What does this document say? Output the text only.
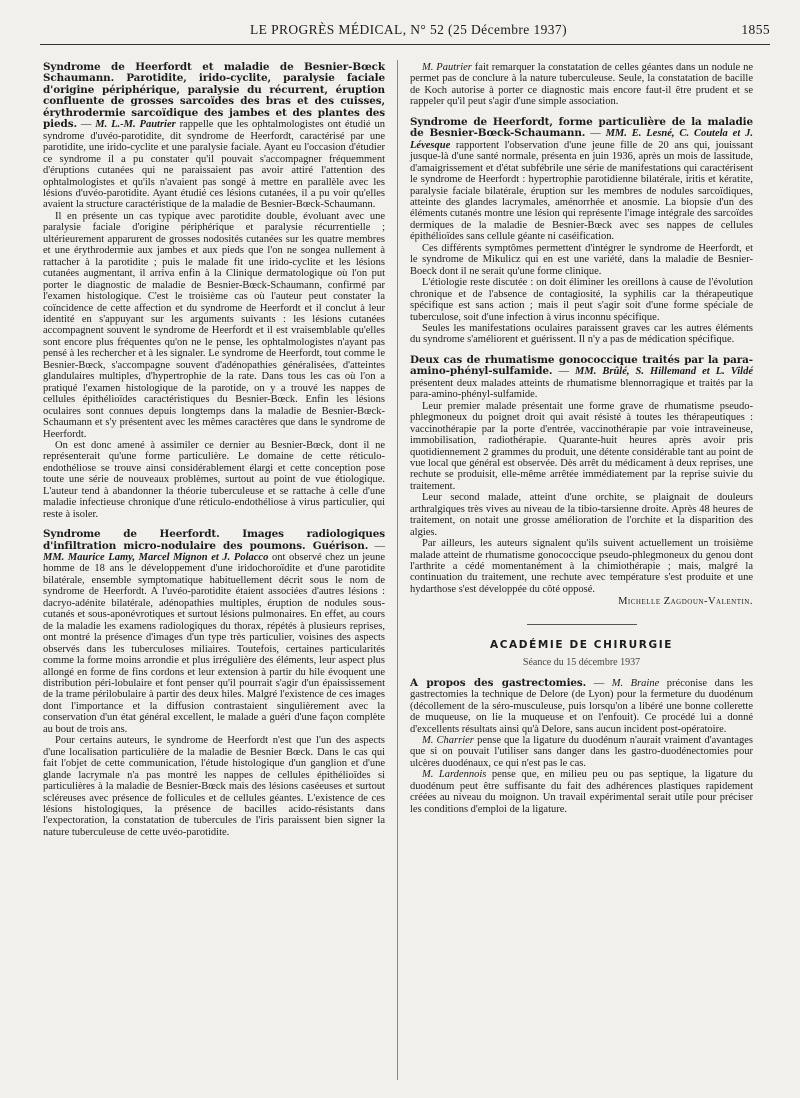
LE PROGRÈS MÉDICAL, N° 52 (25 Décembre 1937)	1855

Syndrome de Heerfordt et maladie de Besnier-Bœck Schaumann. Parotidite, irido-cyclite, paralysie faciale d'origine périphérique, paralysie du récurrent, éruption confluente de grosses sarcoïdes des bras et des cuisses, érythrodermie sarcoïdique des jambes et des plantes des pieds. — M. L.-M. Pautrier rappelle que les ophtalmologistes ont étudié un syndrome d'uvéo-parotidite, dit syndrome de Heerfordt, caractérisé par une parotidite, une irido-cyclite et une paralysie faciale. Ayant eu l'occasion d'étudier ce syndrome il a pu constater qu'il pouvait s'accompagner fréquemment d'éruptions cutanées qui ne paraissaient pas avoir attiré l'attention des ophtalmologistes et qu'ils n'avaient pas songé à mettre en parallèle avec les lésions d'uvéo-parotidite. Ayant étudié ces lésions cutanées, il a pu voir qu'elles avaient la structure caractéristique de la maladie de Besnier-Bœck-Schaumann.

Il en présente un cas typique avec parotidite double, évoluant avec une paralysie faciale d'origine périphérique et paralysie récurrentielle ; ultérieurement apparurent de grosses nodosités cutanées sur les quatre membres et une érythrodermie aux jambes et aux pieds que l'on ne songea nullement à rattacher à la parotidite ; puis le malade fit une irido-cyclite et les lésions cutanées augmentant, il arriva enfin à la Clinique dermatologique où l'on put porter le diagnostic de maladie de Besnier-Bœck-Schaumann, confirmé par l'examen histologique. C'est le troisième cas où l'auteur peut constater la coïncidence de cette affection et du syndrome de Heerfordt et il conclut à leur identité en s'appuyant sur les arguments suivants : les lésions cutanées accompagnent souvent le syndrome de Heerfordt et il est vraisemblable qu'elles sont encore plus fréquentes qu'on ne le pense, les ophtalmologistes n'ayant pas pensé à les rechercher et à les signaler. Le syndrome de Heerfordt, tout comme le Besnier-Bœck, s'accompagne souvent d'adénopathies généralisées, d'atteintes glandulaires multiples, d'hypertrophie de la rate. Dans tous les cas où l'on a pratiqué l'examen histologique de la parotide, on y a trouvé les nappes de cellules épithélioïdes caractéristiques du Besnier-Bœck. Enfin les lésions oculaires sont connues depuis longtemps dans la maladie de Besnier-Bœck-Schaumann et s'y présentent avec les mêmes caractères que dans le syndrome de Heerfordt.

On est donc amené à assimiler ce dernier au Besnier-Bœck, dont il ne représenterait qu'une forme particulière. Le domaine de cette réticulo-endothéliose se trouve ainsi considérablement élargi et cette conception pose toute une série de nouveaux problèmes, surtout au point de vue étiologique. L'auteur tend à abandonner la théorie tuberculeuse et se rattache à celle d'une maladie infectieuse chronique d'une réticulo-endothéliose à virus particulier, qui reste à isoler.

Syndrome de Heerfordt. Images radiologiques d'infiltration micro-nodulaire des poumons. Guérison. — MM. Maurice Lamy, Marcel Mignon et J. Polacco ont observé chez un jeune homme de 18 ans le développement d'une iridochoroïdite et d'une parotidite bilatérale, ensemble symptomatique habituellement décrit sous le nom de syndrome de Heerfordt. A l'uvéo-parotidite étaient associées d'autres lésions : dacryo-adénite bilatérale, adénopathies multiples, éruption de nodules sous-cutanés et sous-aponévrotiques et surtout lésions pulmonaires. En effet, au cours de la maladie les examens radiologiques du thorax, répétés à plusieurs reprises, ont montré la présence d'images d'un type très particulier, voisines des aspects observés dans les tuberculoses miliaires. Toutefois, certaines particularités comme la forme moins arrondie et plus irrégulière des éléments, leur aspect plus allongé en forme de fins cordons et leur extension à partir du hile évoquent une distribution péri-lobulaire et font penser qu'il pourrait s'agir d'un épaississement de la trame périlobulaire à partir des deux hiles. Malgré l'existence de ces images dont l'importance et la diffusion contrastaient singulièrement avec la conservation d'un état général excellent, le malade a guéri d'une façon complète au bout de trois ans.

Pour certains auteurs, le syndrome de Heerfordt n'est que l'un des aspects d'une localisation particulière de la maladie de Besnier Bœck. Dans le cas qui fait l'objet de cette communication, l'étude histologique d'un ganglion et d'une glande lacrymale n'a pas montré les nappes de cellules épithélioïdes si particulières à la maladie de Besnier-Bœck mais des lésions caséeuses et surtout scléreuses avec présence de follicules et de cellules géantes. L'existence de ces lésions histologiques, la présence de bacilles acido-résistants dans l'expectoration, la constatation de tubercules de l'iris paraissent bien signer la nature tuberculeuse de cette uvéo-parotidite.

M. Pautrier fait remarquer la constatation de celles géantes dans un nodule ne permet pas de conclure à la nature tuberculeuse. Seule, la constatation de bacille de Koch autorise à porter ce diagnostic mais encore faut-il être prudent et se rappeler qu'il peut s'agir d'une simple association.

Syndrome de Heerfordt, forme particulière de la maladie de Besnier-Bœck-Schaumann. — MM. E. Lesné, C. Coutela et J. Lévesque rapportent l'observation d'une jeune fille de 20 ans qui, jouissant jusque-là d'une santé normale, présenta en juin 1936, après un mois de lassitude, d'amaigrissement et d'état subfébrile une série de manifestations qui caractérisent le syndrome de Heerfordt : hypertrophie parotidienne bilatérale, iritis et kératite, paralysie faciale bilatérale, éruption sur les membres de nodules sarcoïdiques, atteinte des glandes lacrymales, aménorrhée et anosmie. La biopsie d'un des éléments cutanés montre une lésion qui représente l'image intégrale des sarcoïdes dermiques de la maladie de Besnier-Bœck avec ses nappes de cellules épithélioïdes sans cellule géante ni caséification.

Ces différents symptômes permettent d'intégrer le syndrome de Heerfordt, et le syndrome de Mikulicz qui en est une variété, dans la maladie de Besnier-Boeck dont il ne serait qu'une forme clinique.

L'étiologie reste discutée : on doit éliminer les oreillons à cause de l'évolution chronique et de l'absence de contagiosité, la syphilis car la thérapeutique spécifique est sans action ; mais il peut s'agir soit d'une forme spéciale de tuberculose, soit d'une infection à virus inconnu spécifique.

Seules les manifestations oculaires paraissent graves car les autres éléments du syndrome s'améliorent et guérissent. Il n'y a pas de médication spécifique.

Deux cas de rhumatisme gonococcique traités par la para-amino-phényl-sulfamide. — MM. Brûlé, S. Hillemand et L. Vildé présentent deux malades atteints de rhumatisme blennorragique et traités par la para-amino-phényl-sulfamide.

Leur premier malade présentait une forme grave de rhumatisme pseudo-phlegmoneux du poignet droit qui avait résisté à toutes les thérapeutiques : vaccinothérapie par la porte d'entrée, vaccinothérapie par voie intraveineuse, immobilisation, radiothérapie. Quarante-huit heures après avoir pris quotidiennement 2 grammes du produit, une détente considérable tant au point de vue local que général est observée. Dès arrêt du médicament à deux reprises, une rechute se produisit, elle-même arrêtée immédiatement par la reprise suivie du traitement.

Leur second malade, atteint d'une orchite, se plaignait de douleurs arthralgiques très vives au niveau de la tibio-tarsienne droite. Après 48 heures de traitement, on notait une grosse amélioration de l'orchite et la disparition des algies.

Par ailleurs, les auteurs signalent qu'ils suivent actuellement un troisième malade atteint de rhumatisme gonococcique pseudo-phlegmoneux du genou dont l'arthrite a cédé momentanément à la chimiothérapie ; mais, malgré la continuation du traitement, une rechute avec température s'est produite et une hydarthose s'est développée du côté opposé.

Michelle Zagdoun-Valentin.
ACADÉMIE DE CHIRURGIE
Séance du 15 décembre 1937

A propos des gastrectomies. — M. Braine préconise dans les gastrectomies la technique de Delore (de Lyon) pour la fermeture du duodénum (décollement de la séro-musculeuse, puis lorsqu'on a libéré une bonne collerette de muqueuse, on lie la muqueuse et on l'enfouit). Ce procédé lui a donné d'excellents résultats ainsi qu'à Delore, sans aucun incident post-opératoire.

M. Charrier pense que la ligature du duodénum n'aurait vraiment d'avantages que si on pouvait l'utiliser sans danger dans les gastro-duodénectomies pour ulcères duodénaux, ce qui n'est pas le cas.

M. Lardennois pense que, en milieu peu ou pas septique, la ligature du duodénum peut être suffisante du fait des adhérences plastiques rapidement créées au niveau du moignon. Un travail expérimental serait utile pour préciser les conditions d'emploi de la ligature.
